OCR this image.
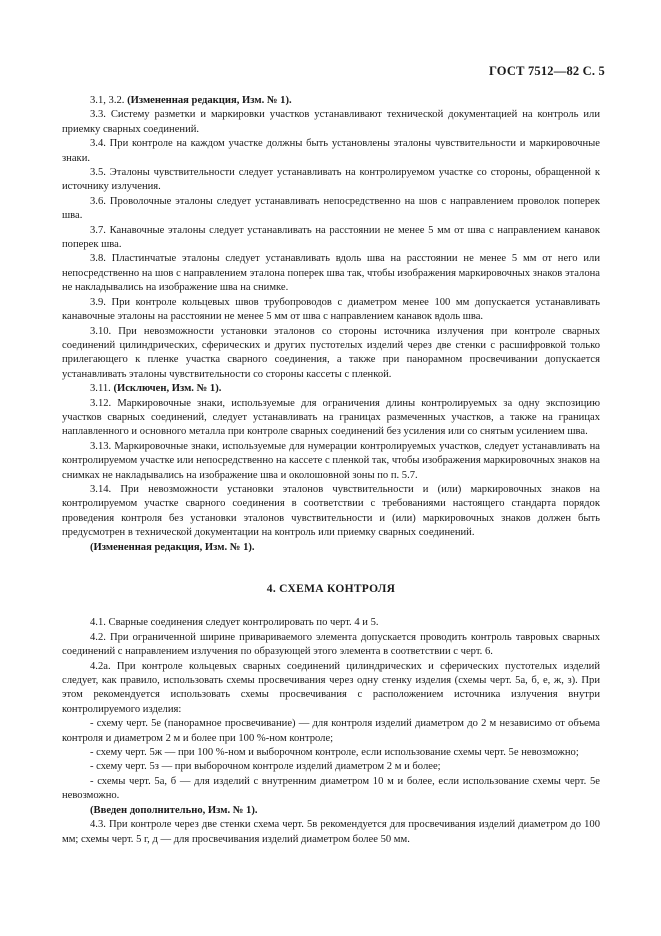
ГОСТ 7512—82 С. 5

3.1, 3.2. (Измененная редакция, Изм. № 1).

3.3. Систему разметки и маркировки участков устанавливают технической документацией на контроль или приемку сварных соединений.

3.4. При контроле на каждом участке должны быть установлены эталоны чувствительности и маркировочные знаки.

3.5. Эталоны чувствительности следует устанавливать на контролируемом участке со стороны, обращенной к источнику излучения.

3.6. Проволочные эталоны следует устанавливать непосредственно на шов с направлением проволок поперек шва.

3.7. Канавочные эталоны следует устанавливать на расстоянии не менее 5 мм от шва с направлением канавок поперек шва.

3.8. Пластинчатые эталоны следует устанавливать вдоль шва на расстоянии не менее 5 мм от него или непосредственно на шов с направлением эталона поперек шва так, чтобы изображения маркировочных знаков эталона не накладывались на изображение шва на снимке.

3.9. При контроле кольцевых швов трубопроводов с диаметром менее 100 мм допускается устанавливать канавочные эталоны на расстоянии не менее 5 мм от шва с направлением канавок вдоль шва.

3.10. При невозможности установки эталонов со стороны источника излучения при контроле сварных соединений цилиндрических, сферических и других пустотелых изделий через две стенки с расшифровкой только прилегающего к пленке участка сварного соединения, а также при панорамном просвечивании допускается устанавливать эталоны чувствительности со стороны кассеты с пленкой.

3.11. (Исключен, Изм. № 1).

3.12. Маркировочные знаки, используемые для ограничения длины контролируемых за одну экспозицию участков сварных соединений, следует устанавливать на границах размеченных участков, а также на границах наплавленного и основного металла при контроле сварных соединений без усиления или со снятым усилением шва.

3.13. Маркировочные знаки, используемые для нумерации контролируемых участков, следует устанавливать на контролируемом участке или непосредственно на кассете с пленкой так, чтобы изображения маркировочных знаков на снимках не накладывались на изображение шва и околошовной зоны по п. 5.7.

3.14. При невозможности установки эталонов чувствительности и (или) маркировочных знаков на контролируемом участке сварного соединения в соответствии с требованиями настоящего стандарта порядок проведения контроля без установки эталонов чувствительности и (или) маркировочных знаков должен быть предусмотрен в технической документации на контроль или приемку сварных соединений.

(Измененная редакция, Изм. № 1).

4. СХЕМА КОНТРОЛЯ

4.1. Сварные соединения следует контролировать по черт. 4 и 5.

4.2. При ограниченной ширине привариваемого элемента допускается проводить контроль тавровых сварных соединений с направлением излучения по образующей этого элемента в соответствии с черт. 6.

4.2а. При контроле кольцевых сварных соединений цилиндрических и сферических пустотелых изделий следует, как правило, использовать схемы просвечивания через одну стенку изделия (схемы черт. 5а, б, е, ж, з). При этом рекомендуется использовать схемы просвечивания с расположением источника излучения внутри контролируемого изделия:

- схему черт. 5е (панорамное просвечивание) — для контроля изделий диаметром до 2 м независимо от объема контроля и диаметром 2 м и более при 100 %-ном контроле;

- схему черт. 5ж — при 100 %-ном и выборочном контроле, если использование схемы черт. 5е невозможно;

- схему черт. 5з — при выборочном контроле изделий диаметром 2 м и более;

- схемы черт. 5а, б — для изделий с внутренним диаметром 10 м и более, если использование схемы черт. 5е невозможно.

(Введен дополнительно, Изм. № 1).

4.3. При контроле через две стенки схема черт. 5в рекомендуется для просвечивания изделий диаметром до 100 мм; схемы черт. 5 г, д — для просвечивания изделий диаметром более 50 мм.
